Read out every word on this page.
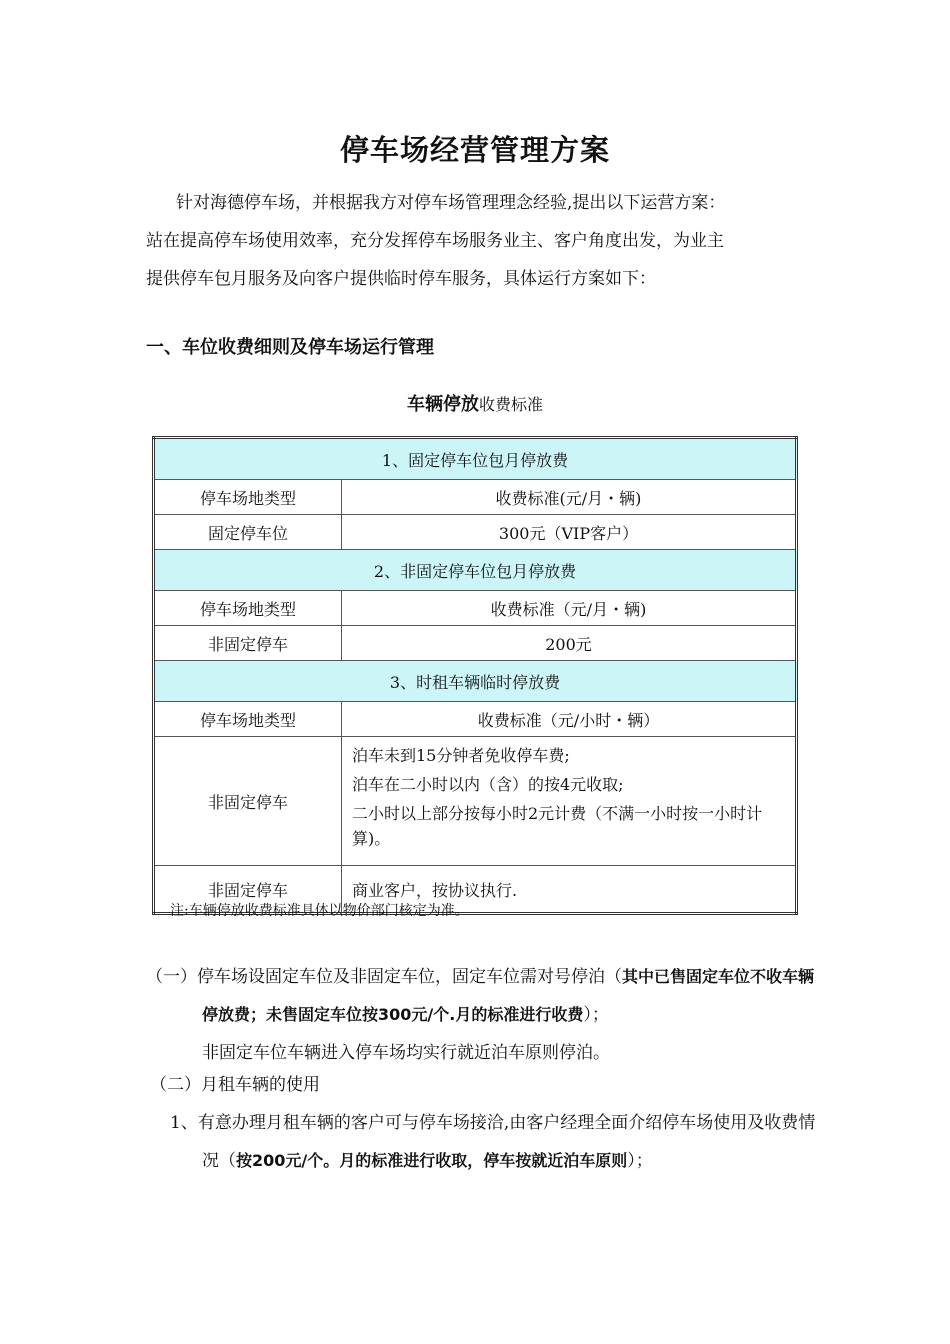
停车场经营管理方案

针对海德停车场，并根据我方对停车场管理理念经验,提出以下运营方案：

站在提高停车场使用效率，充分发挥停车场服务业主、客户角度出发，为业主

提供停车包月服务及向客户提供临时停车服务，具体运行方案如下：

一、车位收费细则及停车场运行管理
车辆停放收费标准
1、固定停车位包月停放费	
停车场地类型	收费标准(元/月・辆)
固定停车位	300元（VIP客户）
2、非固定停车位包月停放费	
停车场地类型	收费标准（元/月・辆)
非固定停车	200元
3、时租车辆临时停放费	
停车场地类型	收费标准（元/小时・辆）
非固定停车	泊车未到15分钟者免收停车费;
泊车在二小时以内（含）的按4元收取;
二小时以上部分按每小时2元计费（不满一小时按一小时计算)。

非固定停车	商业客户，按协议执行.
注:车辆停放收费标准具体以物价部门核定为准。
（一）停车场设固定车位及非固定车位，固定车位需对号停泊（其中已售固定车位不收车辆停放费；未售固定车位按300元/个.月的标准进行收费）；
非固定车位车辆进入停车场均实行就近泊车原则停泊。
（二）月租车辆的使用
1、有意办理月租车辆的客户可与停车场接洽,由客户经理全面介绍停车场使用及收费情况（按200元/个。月的标准进行收取，停车按就近泊车原则）；
